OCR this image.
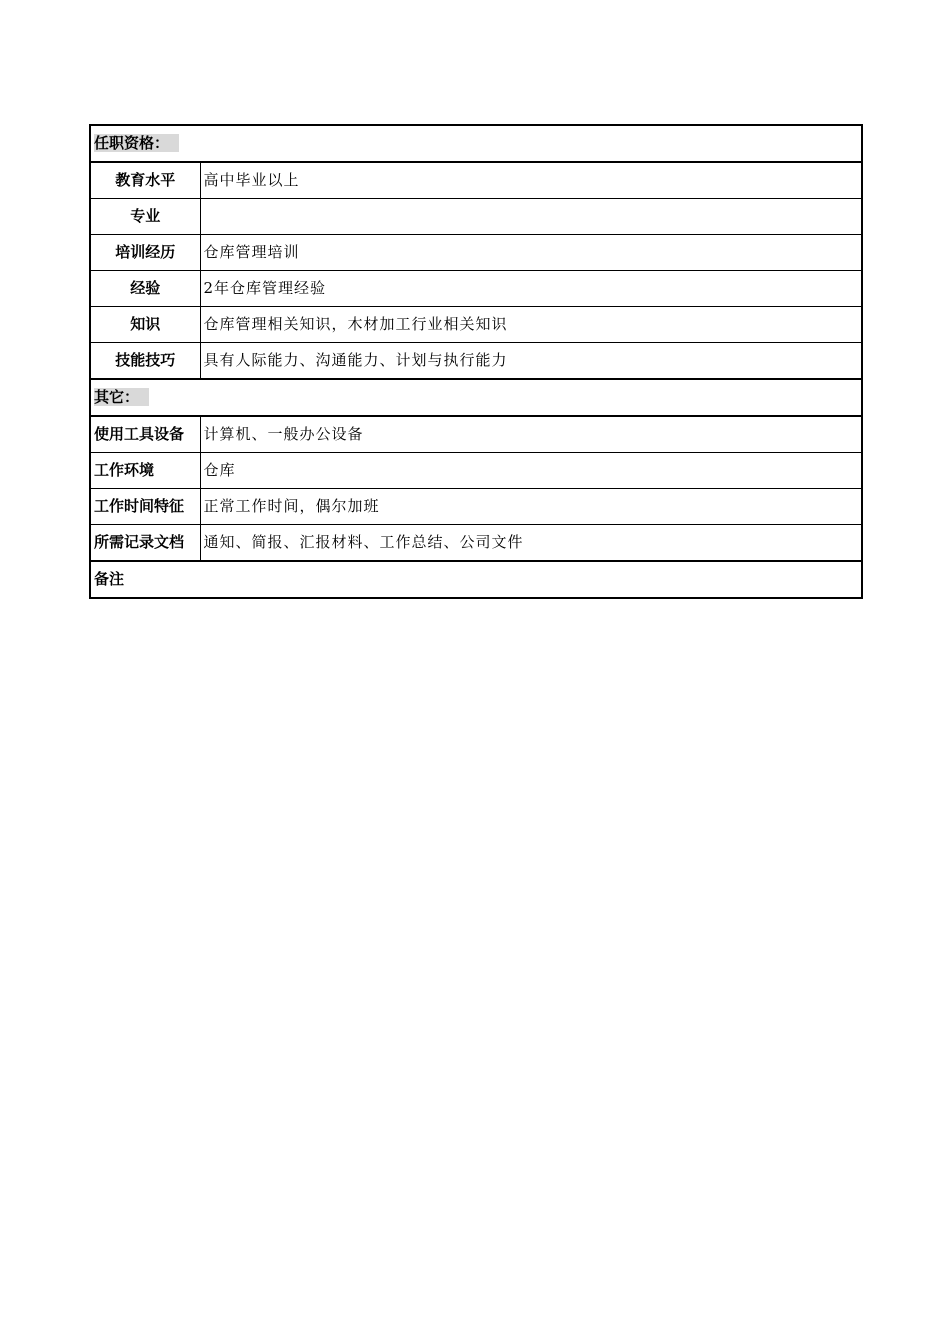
任职资格：	
教育水平	高中毕业以上
专业	
培训经历	仓库管理培训
经验	2年仓库管理经验
知识	仓库管理相关知识，木材加工行业相关知识
技能技巧	具有人际能力、沟通能力、计划与执行能力
其它：	
使用工具设备	计算机、一般办公设备
工作环境	仓库
工作时间特征	正常工作时间，偶尔加班
所需记录文档	通知、简报、汇报材料、工作总结、公司文件
备注	
